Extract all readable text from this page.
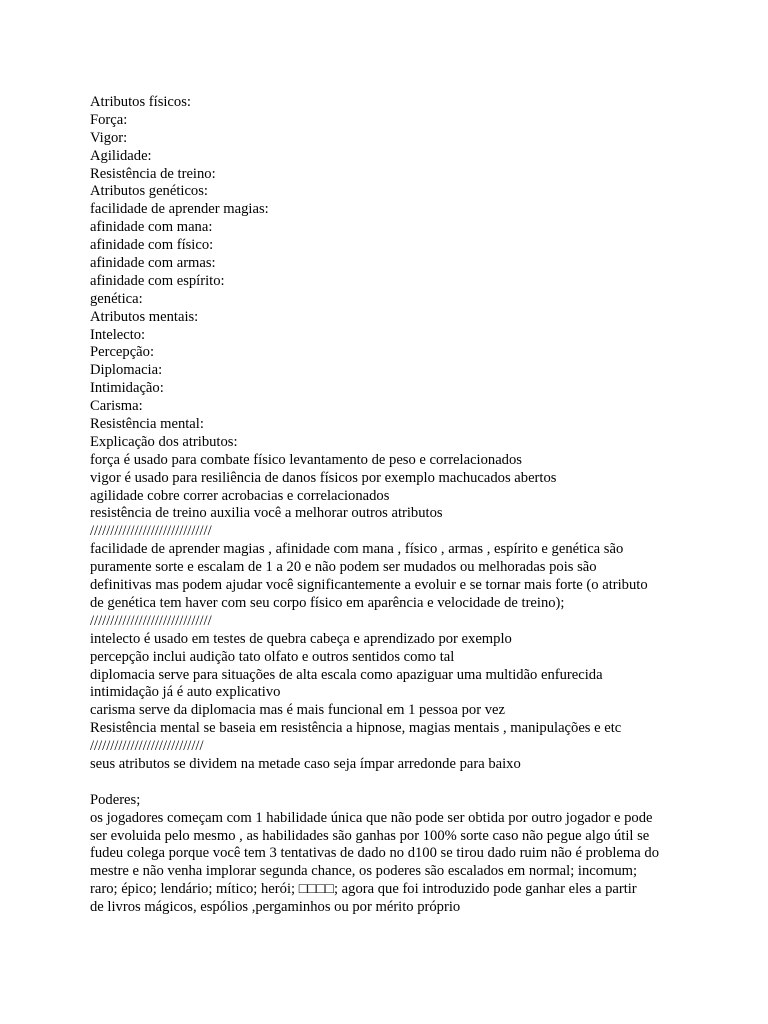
Atributos físicos:
Força:
Vigor:
Agilidade:
Resistência de treino:
Atributos genéticos:
facilidade de aprender magias:
afinidade com mana:
afinidade com físico:
afinidade com armas:
afinidade com espírito:
genética:
Atributos mentais:
Intelecto:
Percepção:
Diplomacia:
Intimidação:
Carisma:
Resistência mental:
Explicação dos atributos:
força é usado para combate físico levantamento de peso e correlacionados
vigor é usado para resiliência de danos físicos por exemplo machucados abertos
agilidade cobre correr acrobacias e correlacionados
resistência de treino auxilia você a melhorar outros atributos
//////////////////////////////
facilidade de aprender magias , afinidade com mana , físico , armas , espírito e genética são
puramente sorte e escalam de 1 a 20 e não podem ser mudados ou melhoradas pois são
definitivas mas podem ajudar você significantemente a evoluir e se tornar mais forte (o atributo
de genética tem haver com seu corpo físico em aparência e velocidade de treino);
//////////////////////////////
intelecto é usado em testes de quebra cabeça e aprendizado por exemplo
percepção inclui audição tato olfato e outros sentidos como tal
diplomacia serve para situações de alta escala como apaziguar uma multidão enfurecida
intimidação já é auto explicativo
carisma serve da diplomacia mas é mais funcional em 1 pessoa por vez
Resistência mental se baseia em resistência a hipnose, magias mentais , manipulações e etc
////////////////////////////
seus atributos se dividem na metade caso seja ímpar arredonde para baixo
Poderes;
os jogadores começam com 1 habilidade única que não pode ser obtida por outro jogador e pode
ser evoluida pelo mesmo , as habilidades são ganhas por 100% sorte caso não pegue algo útil se
fudeu colega porque você tem 3 tentativas de dado no d100 se tirou dado ruim não é problema do
mestre e não venha implorar segunda chance, os poderes são escalados em normal; incomum;
raro; épico; lendário; mítico; herói; □□□□; agora que foi introduzido pode ganhar eles a partir
de livros mágicos, espólios ,pergaminhos ou por mérito próprio
